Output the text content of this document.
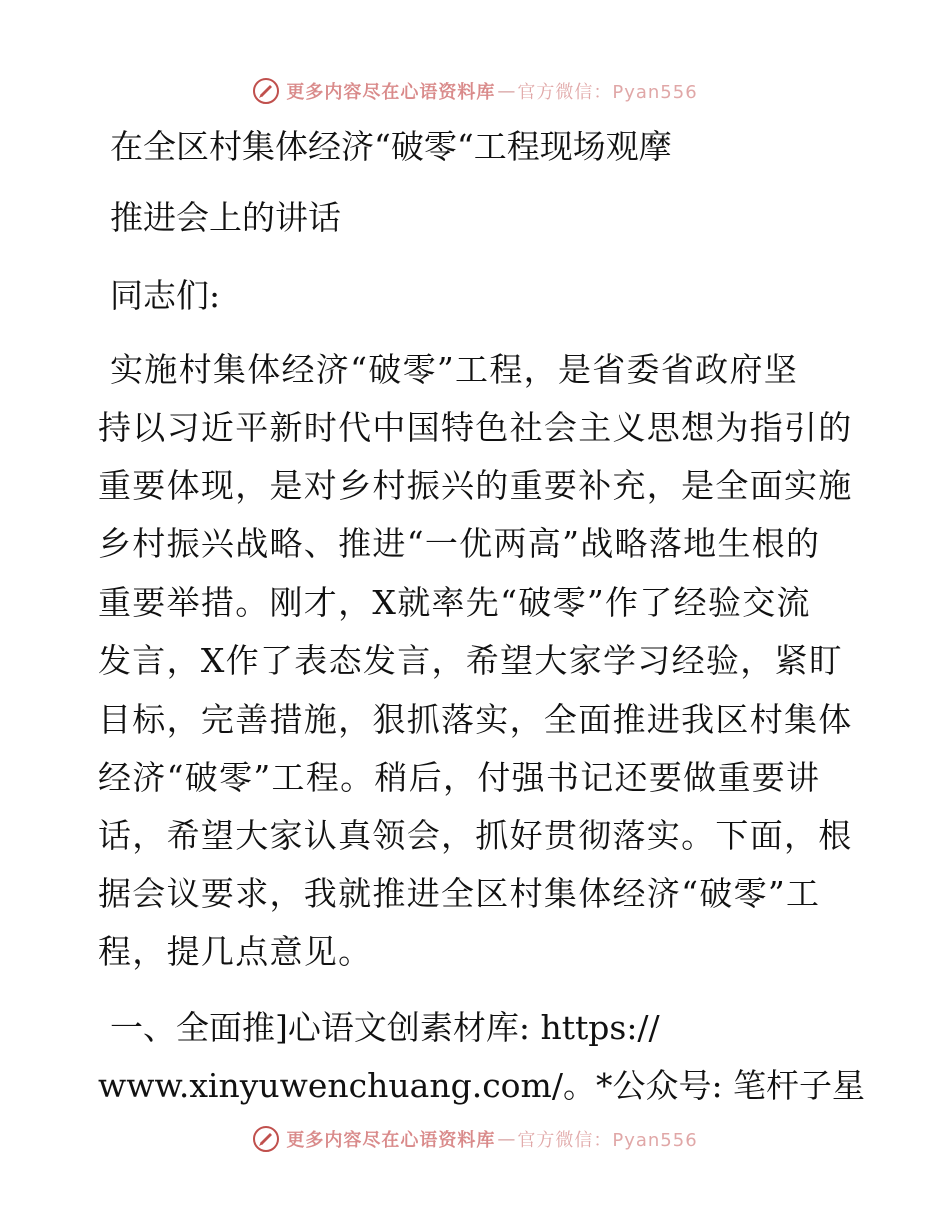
更多内容尽在心语资料库 — 官方微信：Pyan556
在全区村集体经济“破零“工程现场观摩
推进会上的讲话
同志们:
实施村集体经济“破零”工程，是省委省政府坚
持以习近平新时代中国特色社会主义思想为指引的
重要体现，是对乡村振兴的重要补充，是全面实施
乡村振兴战略、推进“一优两高”战略落地生根的
重要举措。刚才，X就率先“破零”作了经验交流
发言，X作了表态发言，希望大家学习经验，紧盯
目标，完善措施，狠抓落实，全面推进我区村集体
经济“破零”工程。稍后，付强书记还要做重要讲
话，希望大家认真领会，抓好贯彻落实。下面，根
据会议要求，我就推进全区村集体经济“破零”工
程，提几点意见。
一、全面推]心语文创素材库: https://
www.xinyuwenchuang.com/。*公众号: 笔杆子星
更多内容尽在心语资料库 — 官方微信：Pyan556
